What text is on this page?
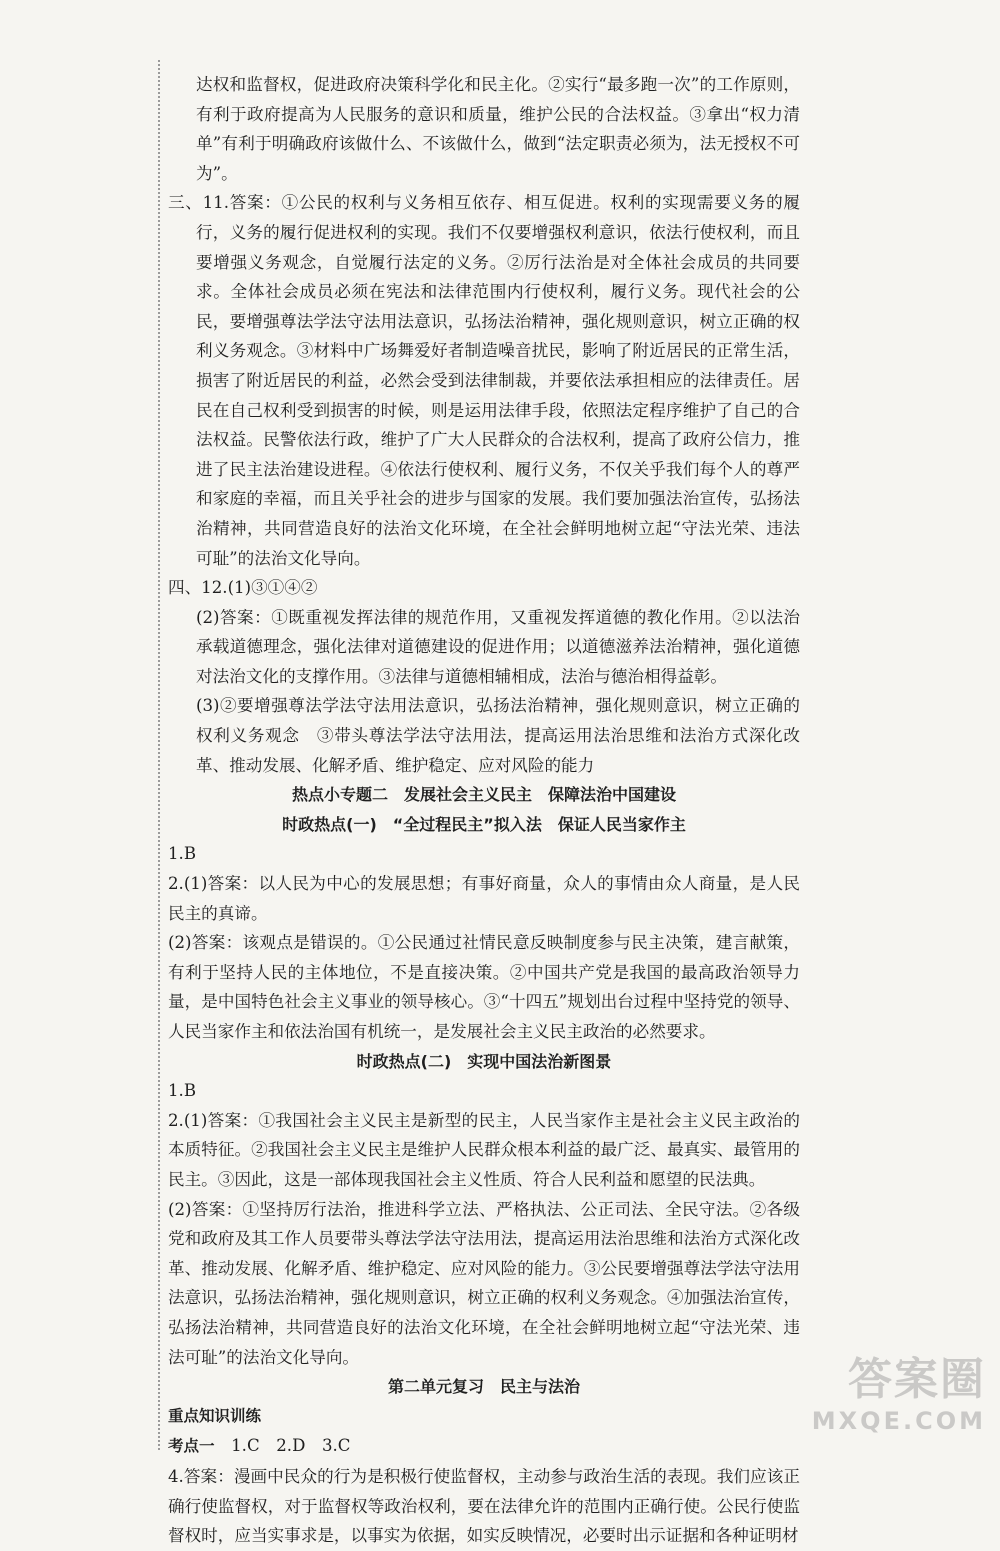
达权和监督权，促进政府决策科学化和民主化。②实行“最多跑一次”的工作原则，有利于政府提高为人民服务的意识和质量，维护公民的合法权益。③拿出“权力清单”有利于明确政府该做什么、不该做什么，做到“法定职责必须为，法无授权不可为”。

三、11.答案：①公民的权利与义务相互依存、相互促进。权利的实现需要义务的履行，义务的履行促进权利的实现。我们不仅要增强权利意识，依法行使权利，而且要增强义务观念，自觉履行法定的义务。②厉行法治是对全体社会成员的共同要求。全体社会成员必须在宪法和法律范围内行使权利，履行义务。现代社会的公民，要增强尊法学法守法用法意识，弘扬法治精神，强化规则意识，树立正确的权利义务观念。③材料中广场舞爱好者制造噪音扰民，影响了附近居民的正常生活，损害了附近居民的利益，必然会受到法律制裁，并要依法承担相应的法律责任。居民在自己权利受到损害的时候，则是运用法律手段，依照法定程序维护了自己的合法权益。民警依法行政，维护了广大人民群众的合法权利，提高了政府公信力，推进了民主法治建设进程。④依法行使权利、履行义务，不仅关乎我们每个人的尊严和家庭的幸福，而且关乎社会的进步与国家的发展。我们要加强法治宣传，弘扬法治精神，共同营造良好的法治文化环境，在全社会鲜明地树立起“守法光荣、违法可耻”的法治文化导向。

四、12.(1)③①④②

(2)答案：①既重视发挥法律的规范作用，又重视发挥道德的教化作用。②以法治承载道德理念，强化法律对道德建设的促进作用；以道德滋养法治精神，强化道德对法治文化的支撑作用。③法律与道德相辅相成，法治与德治相得益彰。

(3)②要增强尊法学法守法用法意识，弘扬法治精神，强化规则意识，树立正确的权利义务观念　③带头尊法学法守法用法，提高运用法治思维和法治方式深化改革、推动发展、化解矛盾、维护稳定、应对风险的能力

热点小专题二　发展社会主义民主　保障法治中国建设

时政热点(一)　“全过程民主”拟入法　保证人民当家作主

1.B

2.(1)答案：以人民为中心的发展思想；有事好商量，众人的事情由众人商量，是人民民主的真谛。

(2)答案：该观点是错误的。①公民通过社情民意反映制度参与民主决策，建言献策，有利于坚持人民的主体地位，不是直接决策。②中国共产党是我国的最高政治领导力量，是中国特色社会主义事业的领导核心。③“十四五”规划出台过程中坚持党的领导、人民当家作主和依法治国有机统一，是发展社会主义民主政治的必然要求。

时政热点(二)　实现中国法治新图景

1.B

2.(1)答案：①我国社会主义民主是新型的民主，人民当家作主是社会主义民主政治的本质特征。②我国社会主义民主是维护人民群众根本利益的最广泛、最真实、最管用的民主。③因此，这是一部体现我国社会主义性质、符合人民利益和愿望的民法典。

(2)答案：①坚持厉行法治，推进科学立法、严格执法、公正司法、全民守法。②各级党和政府及其工作人员要带头尊法学法守法用法，提高运用法治思维和法治方式深化改革、推动发展、化解矛盾、维护稳定、应对风险的能力。③公民要增强尊法学法守法用法意识，弘扬法治精神，强化规则意识，树立正确的权利义务观念。④加强法治宣传，弘扬法治精神，共同营造良好的法治文化环境，在全社会鲜明地树立起“守法光荣、违法可耻”的法治文化导向。

第二单元复习　民主与法治

重点知识训练

考点一　 1.C　2.D　3.C

4.答案：漫画中民众的行为是积极行使监督权，主动参与政治生活的表现。我们应该正确行使监督权，对于监督权等政治权利，要在法律允许的范围内正确行使。公民行使监督权时，应当实事求是，以事实为依据，如实反映情况，必要时出示证据和各种证明材

答案圈
MXQE.COM
